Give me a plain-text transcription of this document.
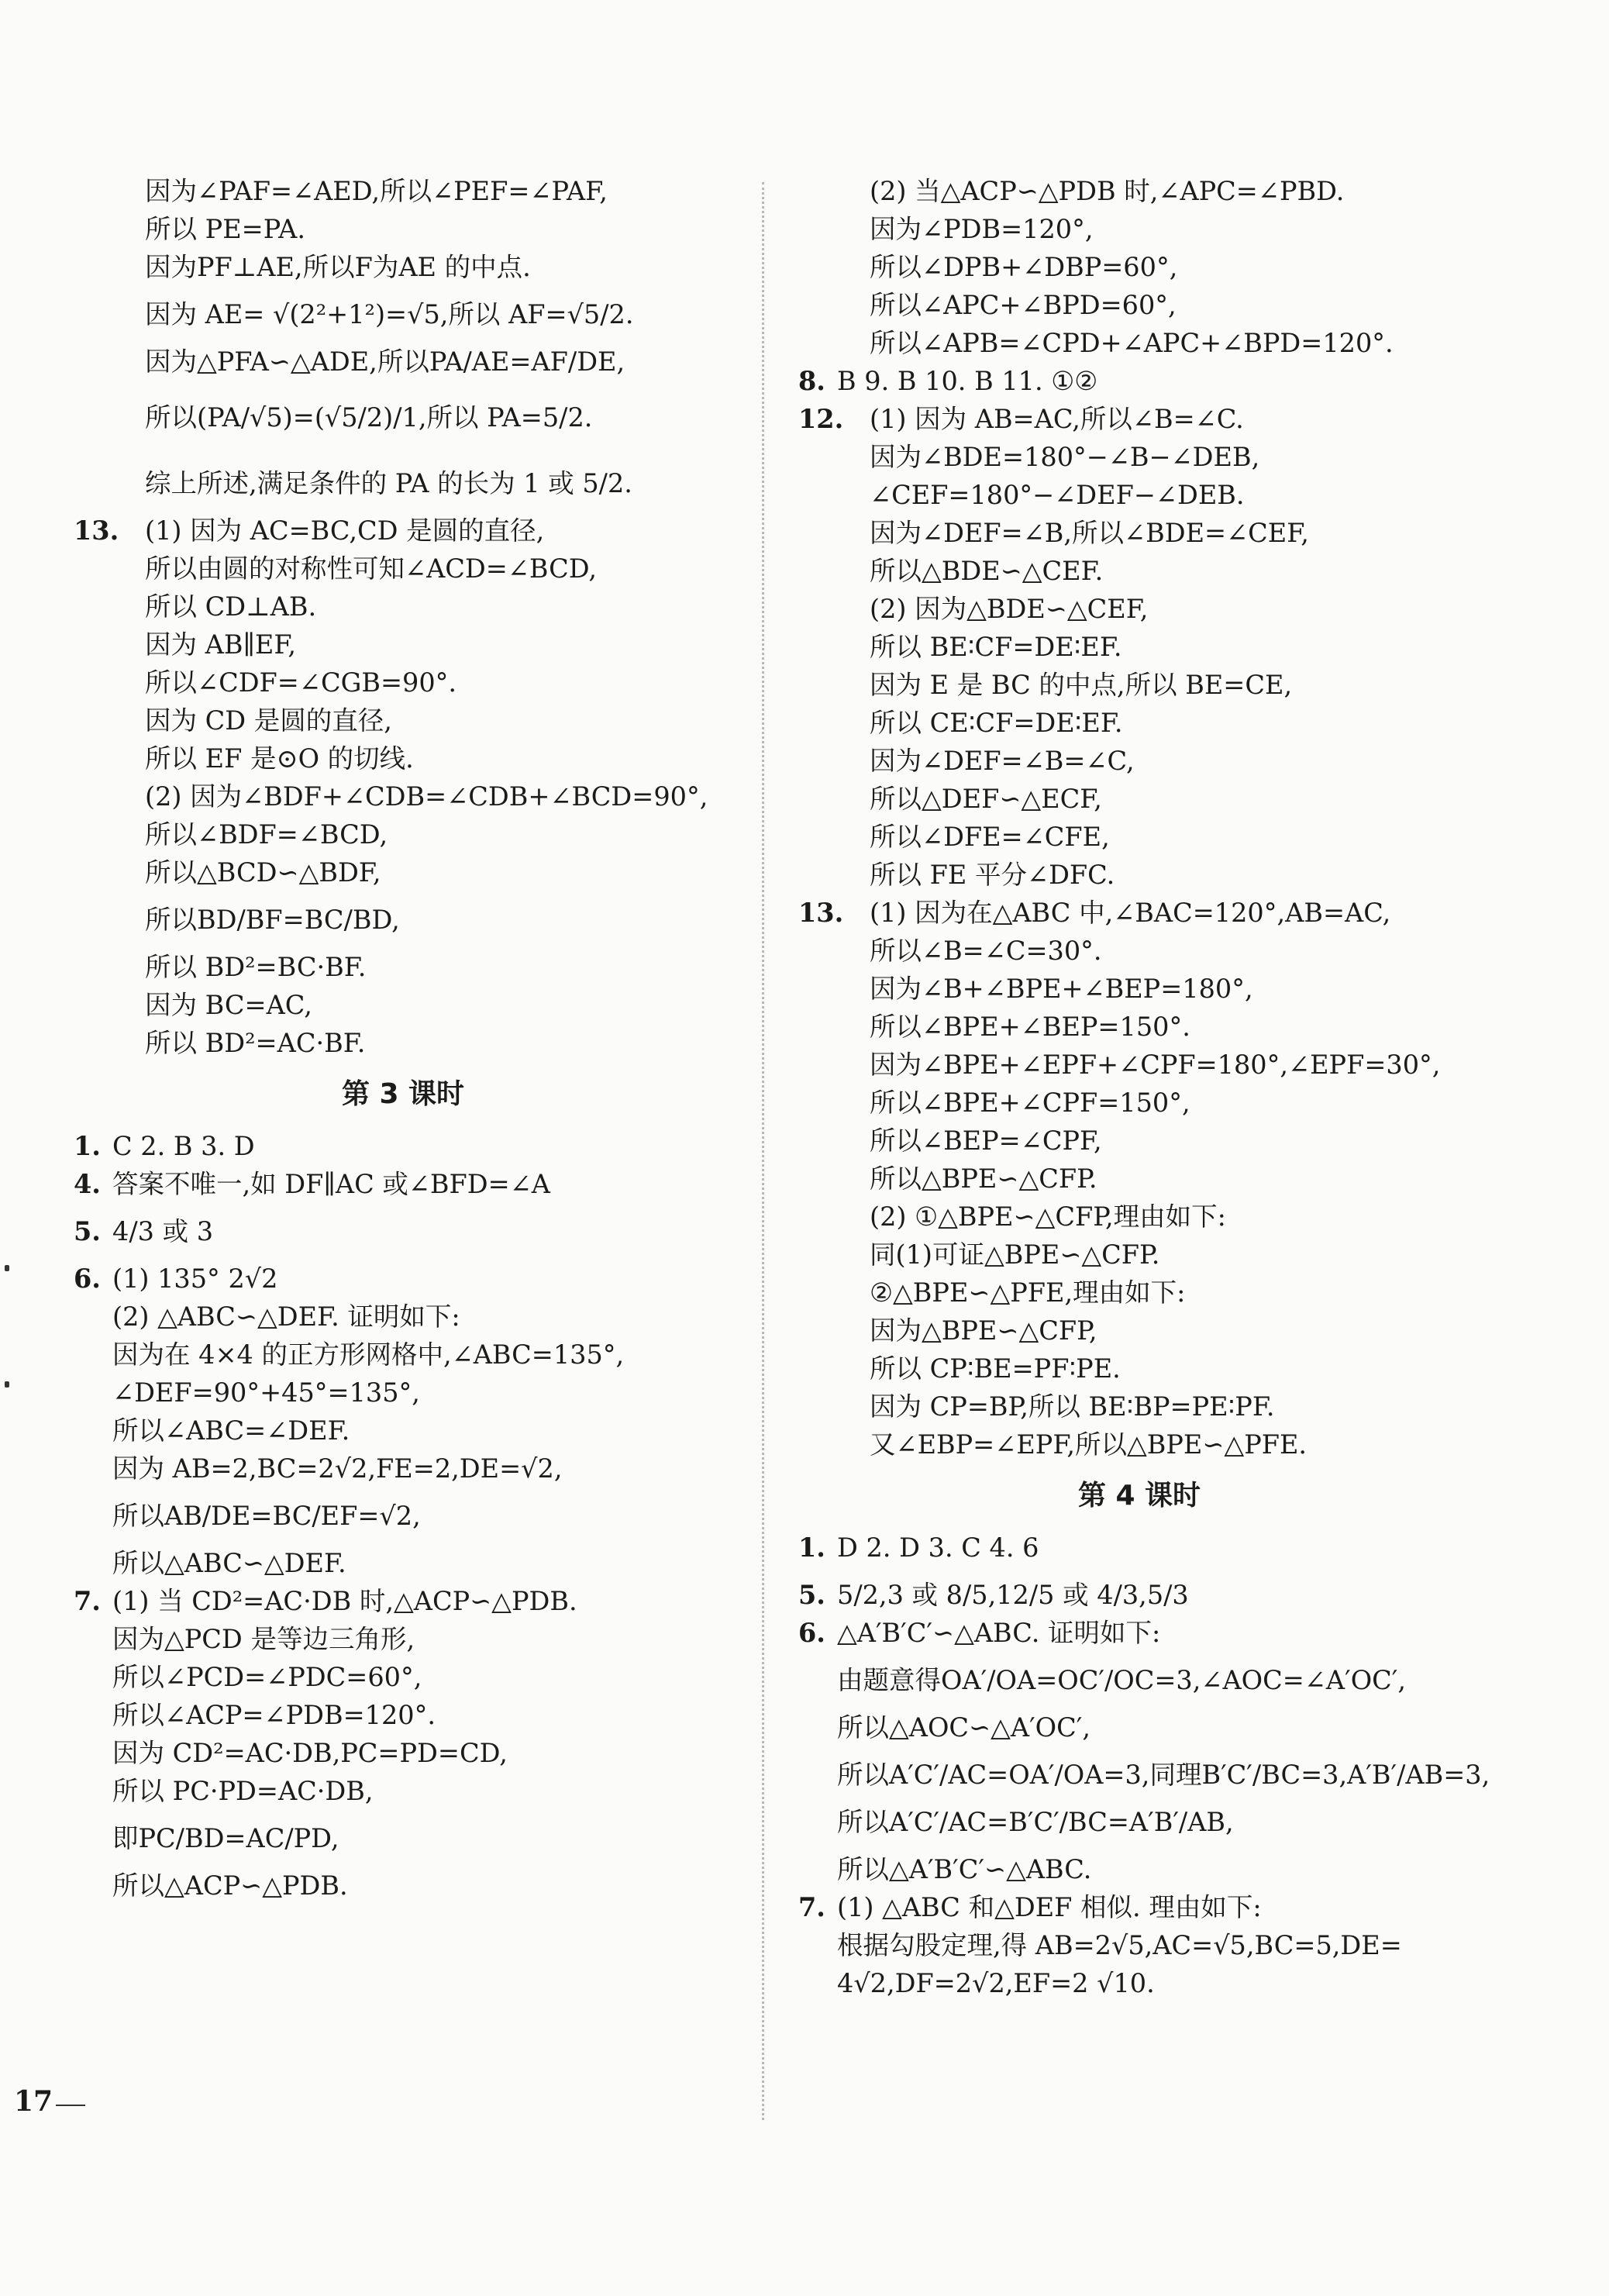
因为∠PAF=∠AED,所以∠PEF=∠PAF,
所以 PE=PA.
因为PF⊥AE,所以F为AE 的中点.
因为 AE= √(2²+1²)=√5,所以 AF=√5/2.
因为△PFA∽△ADE,所以PA/AE=AF/DE,
所以(PA/√5)=(√5/2)/1,所以 PA=5/2.
综上所述,满足条件的 PA 的长为 1 或 5/2.
13. (1) 因为 AC=BC,CD 是圆的直径,
所以由圆的对称性可知∠ACD=∠BCD,
所以 CD⊥AB.
因为 AB∥EF,
所以∠CDF=∠CGB=90°.
因为 CD 是圆的直径,
所以 EF 是⊙O 的切线.
(2) 因为∠BDF+∠CDB=∠CDB+∠BCD=90°,
所以∠BDF=∠BCD,
所以△BCD∽△BDF,
所以BD/BF=BC/BD,
所以 BD²=BC·BF.
因为 BC=AC,
所以 BD²=AC·BF.
第 3 课时
1. C 2. B 3. D
4. 答案不唯一,如 DF∥AC 或∠BFD=∠A
5. 4/3 或 3
6. (1) 135° 2√2
(2) △ABC∽△DEF. 证明如下:
因为在 4×4 的正方形网格中,∠ABC=135°,
∠DEF=90°+45°=135°,
所以∠ABC=∠DEF.
因为 AB=2,BC=2√2,FE=2,DE=√2,
所以AB/DE=BC/EF=√2,
所以△ABC∽△DEF.
7. (1) 当 CD²=AC·DB 时,△ACP∽△PDB.
因为△PCD 是等边三角形,
所以∠PCD=∠PDC=60°,
所以∠ACP=∠PDB=120°.
因为 CD²=AC·DB,PC=PD=CD,
所以 PC·PD=AC·DB,
即PC/BD=AC/PD,
所以△ACP∽△PDB.
(2) 当△ACP∽△PDB 时,∠APC=∠PBD.
因为∠PDB=120°,
所以∠DPB+∠DBP=60°,
所以∠APC+∠BPD=60°,
所以∠APB=∠CPD+∠APC+∠BPD=120°.
8. B 9. B 10. B 11. ①②
12. (1) 因为 AB=AC,所以∠B=∠C.
因为∠BDE=180°−∠B−∠DEB,
∠CEF=180°−∠DEF−∠DEB.
因为∠DEF=∠B,所以∠BDE=∠CEF,
所以△BDE∽△CEF.
(2) 因为△BDE∽△CEF,
所以 BE∶CF=DE∶EF.
因为 E 是 BC 的中点,所以 BE=CE,
所以 CE∶CF=DE∶EF.
因为∠DEF=∠B=∠C,
所以△DEF∽△ECF,
所以∠DFE=∠CFE,
所以 FE 平分∠DFC.
13. (1) 因为在△ABC 中,∠BAC=120°,AB=AC,
所以∠B=∠C=30°.
因为∠B+∠BPE+∠BEP=180°,
所以∠BPE+∠BEP=150°.
因为∠BPE+∠EPF+∠CPF=180°,∠EPF=30°,
所以∠BPE+∠CPF=150°,
所以∠BEP=∠CPF,
所以△BPE∽△CFP.
(2) ①△BPE∽△CFP,理由如下:
同(1)可证△BPE∽△CFP.
②△BPE∽△PFE,理由如下:
因为△BPE∽△CFP,
所以 CP∶BE=PF∶PE.
因为 CP=BP,所以 BE∶BP=PE∶PF.
又∠EBP=∠EPF,所以△BPE∽△PFE.
第 4 课时
1. D 2. D 3. C 4. 6
5. 5/2,3 或 8/5,12/5 或 4/3,5/3
6. △A′B′C′∽△ABC. 证明如下:
由题意得OA′/OA=OC′/OC=3,∠AOC=∠A′OC′,
所以△AOC∽△A′OC′,
所以A′C′/AC=OA′/OA=3,同理B′C′/BC=3,A′B′/AB=3,
所以A′C′/AC=B′C′/BC=A′B′/AB,
所以△A′B′C′∽△ABC.
7. (1) △ABC 和△DEF 相似. 理由如下:
根据勾股定理,得 AB=2√5,AC=√5,BC=5,DE=
4√2,DF=2√2,EF=2 √10.
17
